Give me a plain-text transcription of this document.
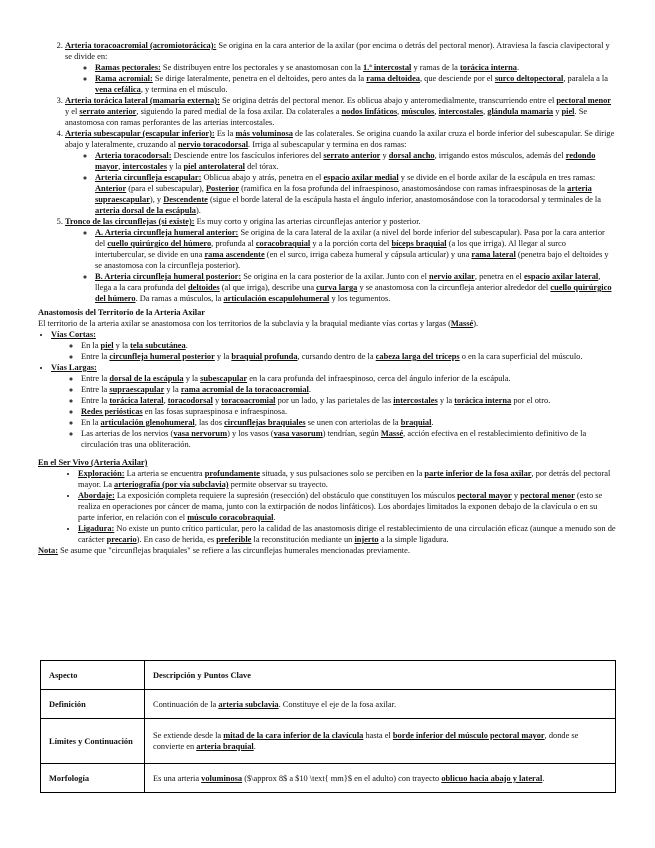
2. Arteria toracoacromial (acromiotorácica): Se origina en la cara anterior de la axilar (por encima o detrás del pectoral menor). Atraviesa la fascia clavipectoral y se divide en:
◦ Ramas pectorales: Se distribuyen entre los pectorales y se anastomosan con la 1.ª intercostal y ramas de la torácica interna.
◦ Rama acromial: Se dirige lateralmente, penetra en el deltoides, pero antes da la rama deltoidea, que desciende por el surco deltopectoral, paralela a la vena cefálica, y termina en el músculo.
3. Arteria torácica lateral (mamaria externa): Se origina detrás del pectoral menor. Es oblicua abajo y anteromedialmente, transcurriendo entre el pectoral menor y el serrato anterior, siguiendo la pared medial de la fosa axilar. Da colaterales a nodos linfáticos, músculos, intercostales, glándula mamaria y piel. Se anastomosa con ramas perforantes de las arterias intercostales.
4. Arteria subescapular (escapular inferior): Es la más voluminosa de las colaterales. Se origina cuando la axilar cruza el borde inferior del subescapular. Se dirige abajo y lateralmente, cruzando al nervio toracodorsal. Irriga al subescapular y termina en dos ramas:
◦ Arteria toracodorsal: Desciende entre los fascículos inferiores del serrato anterior y dorsal ancho, irrigando estos músculos, además del redondo mayor, intercostales y la piel anterolateral del tórax.
◦ Arteria circunfleja escapular: Oblicua abajo y atrás, penetra en el espacio axilar medial y se divide en el borde axilar de la escápula en tres ramas: Anterior (para el subescapular), Posterior (ramifica en la fosa profunda del infraespinoso, anastomosándose con ramas infraespinosas de la arteria supraescapular), y Descendente (sigue el borde lateral de la escápula hasta el ángulo inferior, anastomosándose con la toracodorsal y terminales de la arteria dorsal de la escápula).
5. Tronco de las circunflejas (si existe): Es muy corto y origina las arterias circunflejas anterior y posterior.
◦ A. Arteria circunfleja humeral anterior: Se origina de la cara lateral de la axilar (a nivel del borde inferior del subescapular). Pasa por la cara anterior del cuello quirúrgico del húmero, profunda al coracobraquial y a la porción corta del bíceps braquial (a los que irriga). Al llegar al surco intertubercular, se divide en una rama ascendente (en el surco, irriga cabeza humeral y cápsula articular) y una rama lateral (penetra bajo el deltoides y se anastomosa con la circunfleja posterior).
◦ B. Arteria circunfleja humeral posterior: Se origina en la cara posterior de la axilar. Junto con el nervio axilar, penetra en el espacio axilar lateral, llega a la cara profunda del deltoides (al que irriga), describe una curva larga y se anastomosa con la circunfleja anterior alrededor del cuello quirúrgico del húmero. Da ramas a músculos, la articulación escapulohumeral y los tegumentos.
Anastomosis del Territorio de la Arteria Axilar
El territorio de la arteria axilar se anastomosa con los territorios de la subclavia y la braquial mediante vías cortas y largas (Massé).
• Vías Cortas:
◦ En la piel y la tela subcutánea.
◦ Entre la circunfleja humeral posterior y la braquial profunda, cursando dentro de la cabeza larga del tríceps o en la cara superficial del músculo.
• Vías Largas:
◦ Entre la dorsal de la escápula y la subescapular en la cara profunda del infraespinoso, cerca del ángulo inferior de la escápula.
◦ Entre la supraescapular y la rama acromial de la toracoacromial.
◦ Entre la torácica lateral, toracodorsal y toracoacromial por un lado, y las parietales de las intercostales y la torácica interna por el otro.
◦ Redes periósticas en las fosas supraespinosa e infraespinosa.
◦ En la articulación glenohumeral, las dos circunflejas braquiales se unen con arteriolas de la braquial.
◦ Las arterias de los nervios (vasa nervorum) y los vasos (vasa vasorum) tendrían, según Massé, acción efectiva en el restablecimiento definitivo de la circulación tras una obliteración.
En el Ser Vivo (Arteria Axilar)
• Exploración: La arteria se encuentra profundamente situada, y sus pulsaciones solo se perciben en la parte inferior de la fosa axilar, por detrás del pectoral mayor. La arteriografía (por vía subclavia) permite observar su trayecto.
• Abordaje: La exposición completa requiere la supresión (resección) del obstáculo que constituyen los músculos pectoral mayor y pectoral menor (esto se realiza en operaciones por cáncer de mama, junto con la extirpación de nodos linfáticos). Los abordajes limitados la exponen debajo de la clavícula o en su parte inferior, en relación con el músculo coracobraquial.
• Ligadura: No existe un punto crítico particular, pero la calidad de las anastomosis dirige el restablecimiento de una circulación eficaz (aunque a menudo son de carácter precario). En caso de herida, es preferible la reconstitución mediante un injerto a la simple ligadura.
Nota: Se asume que "circunflejas braquiales" se refiere a las circunflejas humerales mencionadas previamente.
Aspecto	Descripción y Puntos Clave
Definición	Continuación de la arteria subclavia. Constituye el eje de la fosa axilar.
Límites y Continuación	Se extiende desde la mitad de la cara inferior de la clavícula hasta el borde inferior del músculo pectoral mayor, donde se convierte en arteria braquial.
Morfología	Es una arteria voluminosa ($\approx 8$ a $10 \text{ mm}$ en el adulto) con trayecto oblicuo hacia abajo y lateral.
